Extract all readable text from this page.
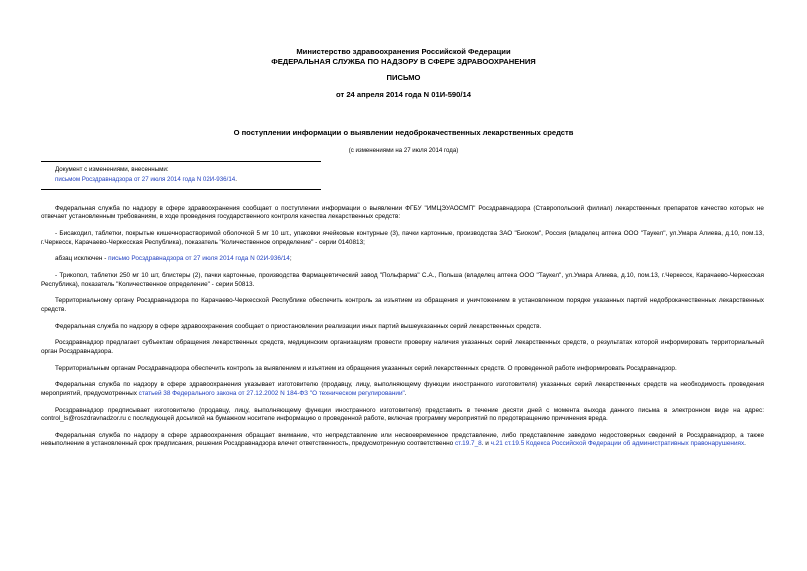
Министерство здравоохранения Российской Федерации
ФЕДЕРАЛЬНАЯ СЛУЖБА ПО НАДЗОРУ В СФЕРЕ ЗДРАВООХРАНЕНИЯ
ПИСЬМО
от 24 апреля 2014 года N 01И-590/14
О поступлении информации о выявлении недоброкачественных лекарственных средств
(с изменениями на 27 июля 2014 года)
Документ с изменениями, внесенными:
письмом Росздравнадзора от 27 июля 2014 года N 02И-936/14.

Федеральная служба по надзору в сфере здравоохранения сообщает о поступлении информации о выявлении ФГБУ "ИМЦЭУАОСМП" Росздравнадзора (Ставропольский филиал) лекарственных препаратов качество которых не отвечает установленным требованиям, в ходе проведения государственного контроля качества лекарственных средств:

- Бисакодил, таблетки, покрытые кишечнорастворимой оболочкой 5 мг 10 шт., упаковки ячейковые контурные (3), пачки картонные, производства ЗАО "Биоком", Россия (владелец аптека ООО "Таукел", ул.Умара Алиева, д.10, пом.13, г.Черкесск, Карачаево-Черкесская Республика), показатель "Количественное определение" - серии 0140813;

абзац исключен - письмо Росздравнадзора от 27 июля 2014 года N 02И-936/14;

- Трикопол, таблетки 250 мг 10 шт, блистеры (2), пачки картонные, производства Фармацевтический завод "Польфарма" С.А., Польша (владелец аптека ООО "Таукел", ул.Умара Алиева, д.10, пом.13, г.Черкесск, Карачаево-Черкесская Республика), показатель "Количественное определение" - серии 50813.

Территориальному органу Росздравнадзора по Карачаево-Черкесской Республике обеспечить контроль за изъятием из обращения и уничтожением в установленном порядке указанных партий недоброкачественных лекарственных средств.

Федеральная служба по надзору в сфере здравоохранения сообщает о приостановлении реализации иных партий вышеуказанных серий лекарственных средств.

Росздравнадзор предлагает субъектам обращения лекарственных средств, медицинским организациям провести проверку наличия указанных серий лекарственных средств, о результатах которой информировать территориальный орган Росздравнадзора.

Территориальным органам Росздравнадзора обеспечить контроль за выявлением и изъятием из обращения указанных серий лекарственных средств. О проведенной работе информировать Росздравнадзор.

Федеральная служба по надзору в сфере здравоохранения указывает изготовителю (продавцу, лицу, выполняющему функции иностранного изготовителя) указанных серий лекарственных средств на необходимость проведения мероприятий, предусмотренных статьей 38 Федерального закона от 27.12.2002 N 184-ФЗ "О техническом регулировании".

Росздравнадзор предписывает изготовителю (продавцу, лицу, выполняющему функции иностранного изготовителя) представить в течение десяти дней с момента выхода данного письма в электронном виде на адрес: control_ls@roszdravnadzor.ru с последующей досылкой на бумажном носителе информацию о проведенной работе, включая программу мероприятий по предотвращению причинения вреда.

Федеральная служба по надзору в сфере здравоохранения обращает внимание, что непредставление или несвоевременное представление, либо представление заведомо недостоверных сведений в Росздравнадзор, а также невыполнение в установленный срок предписания, решения Росздравнадзора влечет ответственность, предусмотренную соответственно ст.19.7_8. и ч.21 ст.19.5 Кодекса Российской Федерации об административных правонарушениях.
